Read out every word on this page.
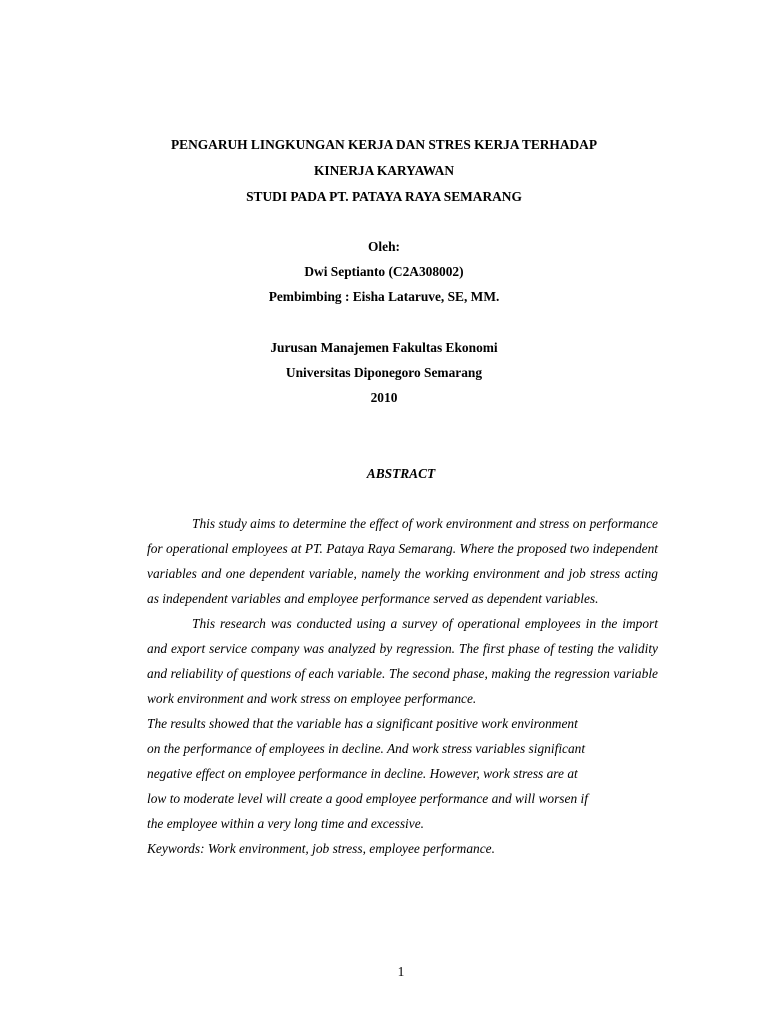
PENGARUH LINGKUNGAN KERJA DAN STRES KERJA TERHADAP
KINERJA KARYAWAN
STUDI PADA PT. PATAYA RAYA SEMARANG
Oleh:
Dwi Septianto (C2A308002)
Pembimbing : Eisha Lataruve, SE, MM.
Jurusan Manajemen Fakultas Ekonomi
Universitas Diponegoro Semarang
2010
ABSTRACT

This study aims to determine the effect of work environment and stress on performance for operational employees at PT. Pataya Raya Semarang. Where the proposed two independent variables and one dependent variable, namely the working environment and job stress acting as independent variables and employee performance served as dependent variables.

This research was conducted using a survey of operational employees in the import and export service company was analyzed by regression. The first phase of testing the validity and reliability of questions of each variable. The second phase, making the regression variable work environment and work stress on employee performance.

The results showed that the variable has a significant positive work environment
on the performance of employees in decline. And work stress variables significant
negative effect on employee performance in decline. However, work stress are at
low to moderate level will create a good employee performance and will worsen if
the employee within a very long time and excessive.
Keywords: Work environment, job stress, employee performance.
1
